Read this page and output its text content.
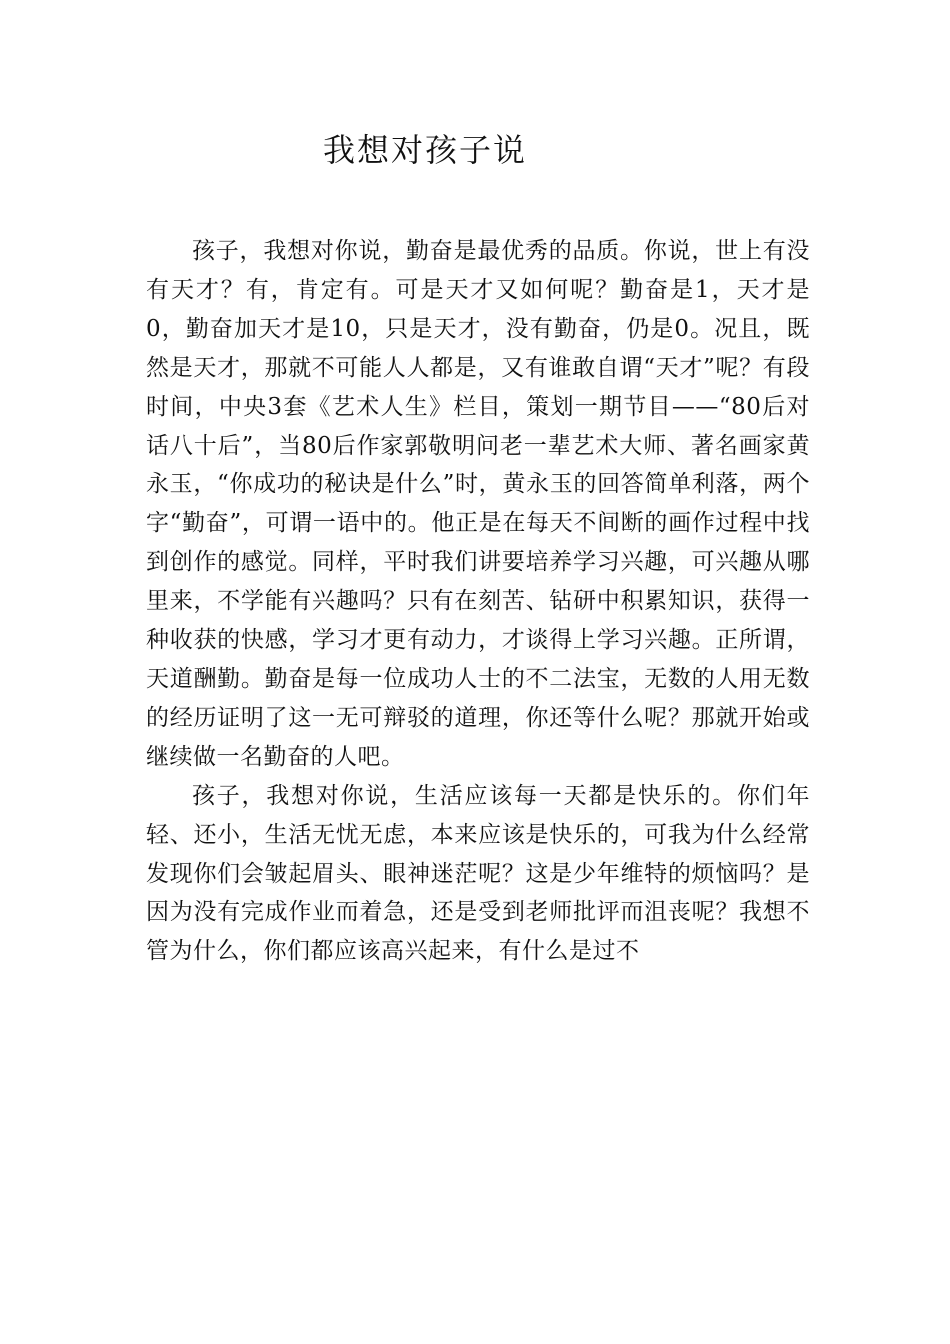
我想对孩子说

孩子，我想对你说，勤奋是最优秀的品质。你说，世上有没有天才？有，肯定有。可是天才又如何呢？勤奋是1，天才是0，勤奋加天才是10，只是天才，没有勤奋，仍是0。况且，既然是天才，那就不可能人人都是，又有谁敢自谓“天才”呢？有段时间，中央3套《艺术人生》栏目，策划一期节目——“80后对话八十后”，当80后作家郭敬明问老一辈艺术大师、著名画家黄永玉，“你成功的秘诀是什么”时，黄永玉的回答简单利落，两个字“勤奋”，可谓一语中的。他正是在每天不间断的画作过程中找到创作的感觉。同样，平时我们讲要培养学习兴趣，可兴趣从哪里来，不学能有兴趣吗？只有在刻苦、钻研中积累知识，获得一种收获的快感，学习才更有动力，才谈得上学习兴趣。正所谓，天道酬勤。勤奋是每一位成功人士的不二法宝，无数的人用无数的经历证明了这一无可辩驳的道理，你还等什么呢？那就开始或继续做一名勤奋的人吧。

孩子，我想对你说，生活应该每一天都是快乐的。你们年轻、还小，生活无忧无虑，本来应该是快乐的，可我为什么经常发现你们会皱起眉头、眼神迷茫呢？这是少年维特的烦恼吗？是因为没有完成作业而着急，还是受到老师批评而沮丧呢？我想不管为什么，你们都应该高兴起来，有什么是过不
